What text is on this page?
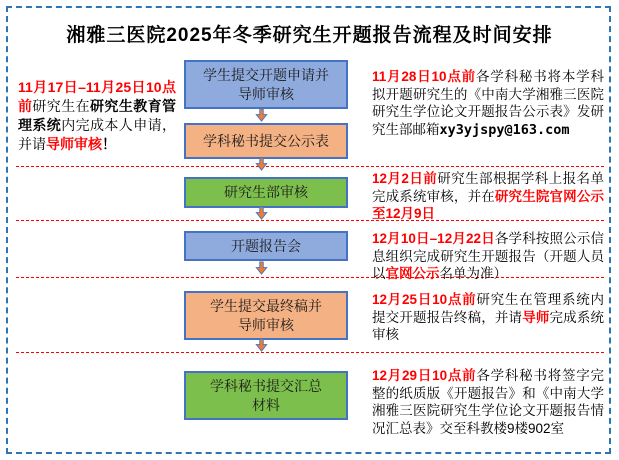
湘雅三医院2025年冬季研究生开题报告流程及时间安排
学生提交开题申请并
导师审核
学科秘书提交公示表
研究生部审核
开题报告会
学生提交最终稿并
导师审核
学科秘书提交汇总
材料

11月17日–11月25日10点前研究生在研究生教育管理系统内完成本人申请，并请导师审核！

11月28日10点前各学科秘书将本学科拟开题研究生的《中南大学湘雅三医院研究生学位论文开题报告公示表》发研究生部邮箱xy3yjspy@163.com

12月2日前研究生部根据学科上报名单完成系统审核，并在研究生院官网公示至12月9日

12月10日–12月22日各学科按照公示信息组织完成研究生开题报告（开题人员以官网公示名单为准）

12月25日10点前研究生在管理系统内提交开题报告终稿，并请导师完成系统审核

12月29日10点前各学科秘书将签字完整的纸质版《开题报告》和《中南大学湘雅三医院研究生学位论文开题报告情况汇总表》交至科教楼9楼902室
